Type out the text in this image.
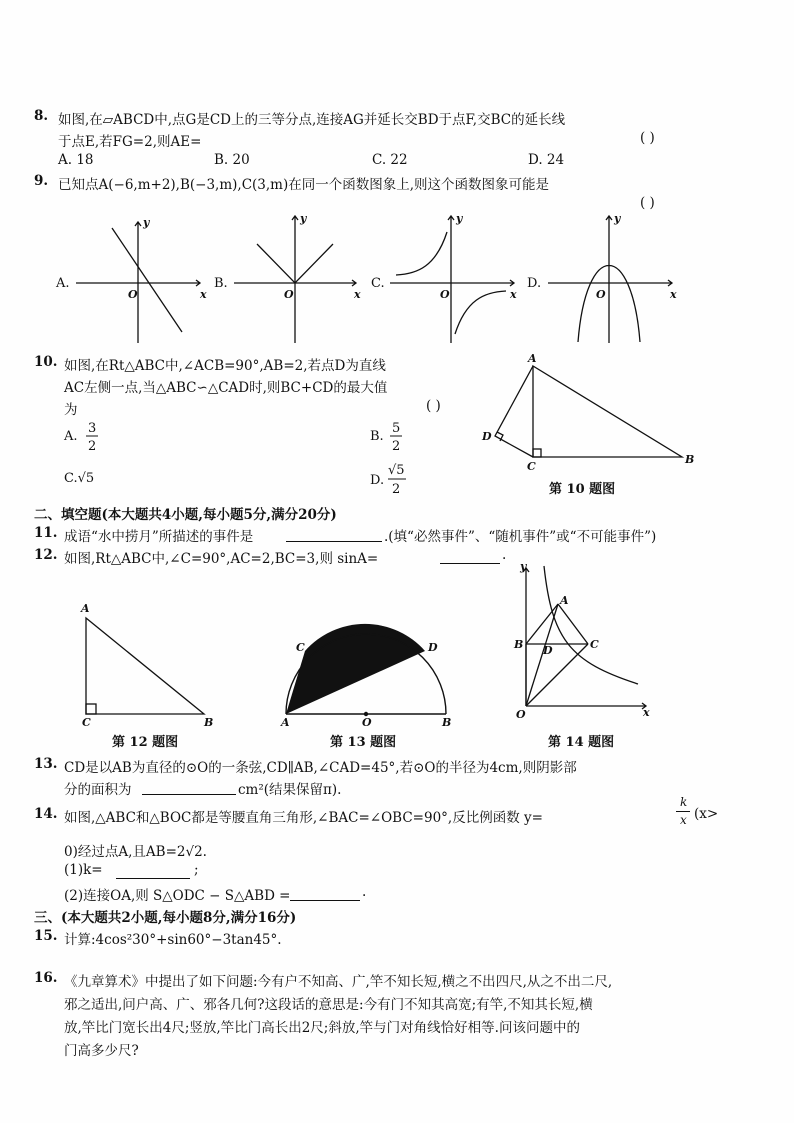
8. 如图,在▱ABCD中,点G是CD上的三等分点,连接AG并延长交BD于点F,交BC的延长线
于点E,若FG=2,则AE=	( )
A. 18	B. 20	C. 22	D. 24
9. 已知点A(−6,m+2),B(−3,m),C(3,m)在同一个函数图象上,则这个函数图象可能是
( )
A.	B.	C.	D.
O
y
x	O
y
x	O
y
x	O
y
x
10. 如图,在Rt△ABC中,∠ACB=90°,AB=2,若点D为直线
AC左侧一点,当△ABC∽△CAD时,则BC+CD的最大值
为	( )
A.
3
2
B.
5
2
C.√5	D.
√5
2
A
D
C
B
第 10 题图
二、填空题(本大题共4小题,每小题5分,满分20分)
11. 成语“水中捞月”所描述的事件是	.(填“必然事件”、“随机事件”或“不可能事件”)
12. 如图,Rt△ABC中,∠C=90°,AC=2,BC=3,则 sinA=	.
A
C	B
C	D
A	O	B
y
x
O
A
B	C
D
第 12 题图	第 13 题图	第 14 题图
13. CD是以AB为直径的⊙O的一条弦,CD∥AB,∠CAD=45°,若⊙O的半径为4cm,则阴影部
分的面积为	cm²(结果保留π).
14. 如图,△ABC和△BOC都是等腰直角三角形,∠BAC=∠OBC=90°,反比例函数 y=
k
x (x>
0)经过点A,且AB=2√2.
(1)k=	;
(2)连接OA,则 S△ODC − S△ABD =	.
三、(本大题共2小题,每小题8分,满分16分)
15. 计算:4cos²30°+sin60°−3tan45°.
16. 《九章算术》中提出了如下问题:今有户不知高、广,竿不知长短,横之不出四尺,从之不出二尺,
邪之适出,问户高、广、邪各几何?这段话的意思是:今有门不知其高宽;有竿,不知其长短,横
放,竿比门宽长出4尺;竖放,竿比门高长出2尺;斜放,竿与门对角线恰好相等.问该问题中的
门高多少尺?
